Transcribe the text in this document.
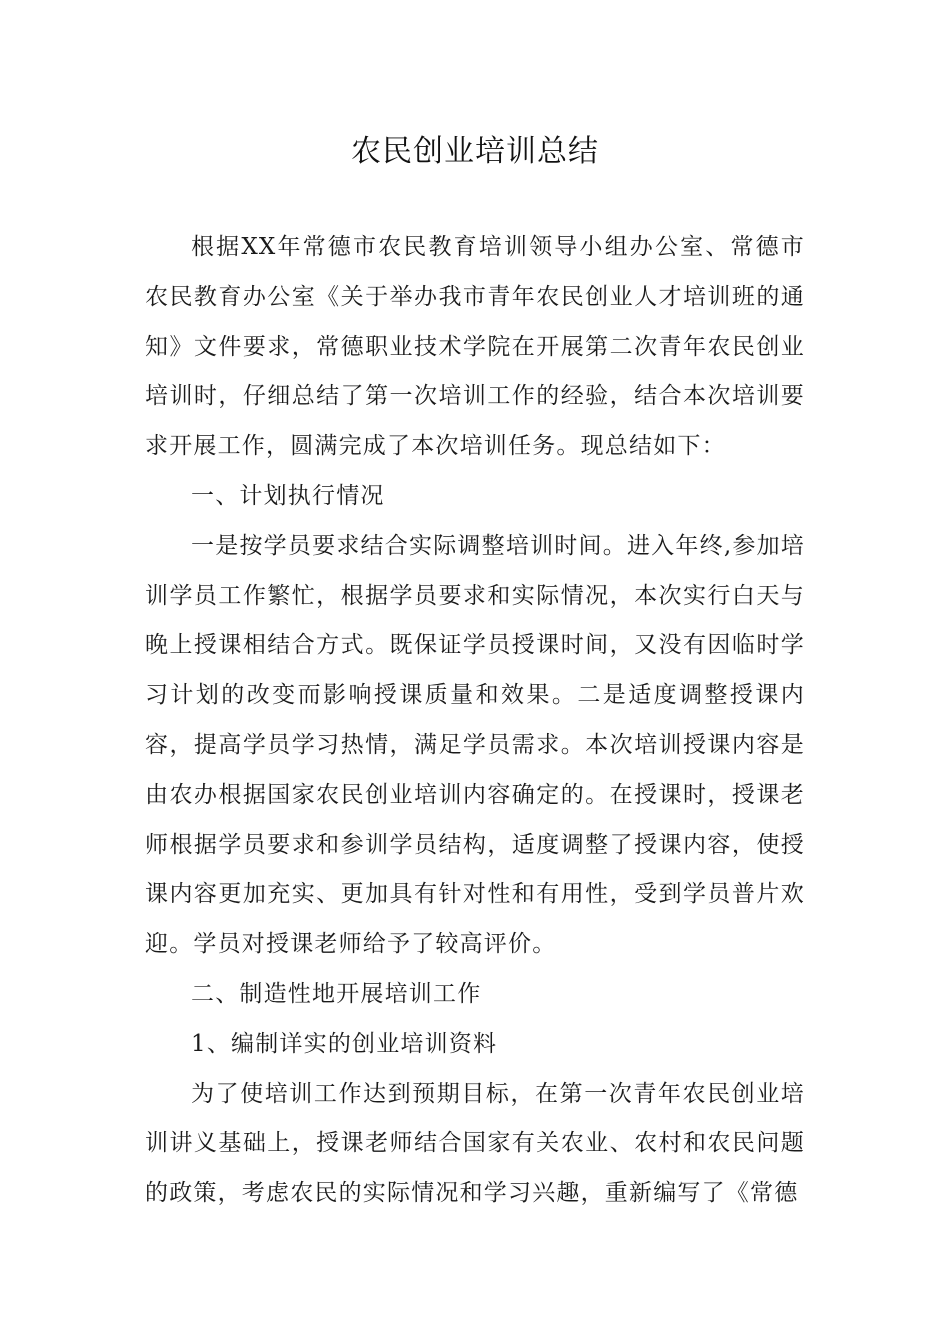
农民创业培训总结

根据XX年常德市农民教育培训领导小组办公室、常德市农民教育办公室《关于举办我市青年农民创业人才培训班的通知》文件要求，常德职业技术学院在开展第二次青年农民创业培训时，仔细总结了第一次培训工作的经验，结合本次培训要求开展工作，圆满完成了本次培训任务。现总结如下：

一、计划执行情况

一是按学员要求结合实际调整培训时间。进入年终,参加培训学员工作繁忙，根据学员要求和实际情况，本次实行白天与晚上授课相结合方式。既保证学员授课时间，又没有因临时学习计划的改变而影响授课质量和效果。二是适度调整授课内容，提高学员学习热情，满足学员需求。本次培训授课内容是由农办根据国家农民创业培训内容确定的。在授课时，授课老师根据学员要求和参训学员结构，适度调整了授课内容，使授课内容更加充实、更加具有针对性和有用性，受到学员普片欢迎。学员对授课老师给予了较高评价。

二、制造性地开展培训工作

1、编制详实的创业培训资料

为了使培训工作达到预期目标，在第一次青年农民创业培训讲义基础上，授课老师结合国家有关农业、农村和农民问题的政策，考虑农民的实际情况和学习兴趣，重新编写了《常德
